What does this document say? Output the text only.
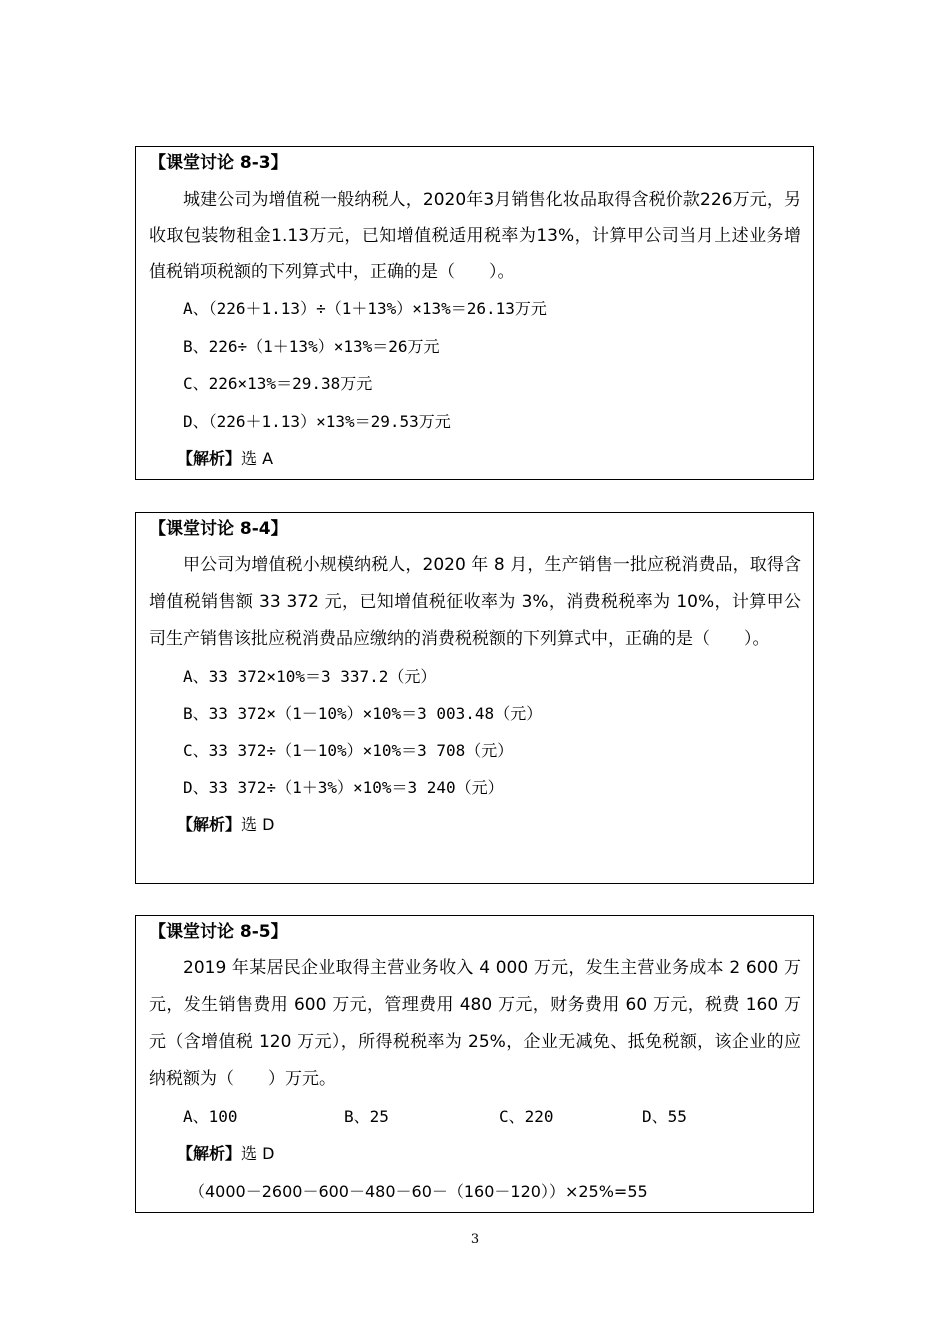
【课堂讨论 8-3】

城建公司为增值税一般纳税人，2020年3月销售化妆品取得含税价款226万元，另收取包装物租金1.13万元，已知增值税适用税率为13%，计算甲公司当月上述业务增值税销项税额的下列算式中，正确的是（　　）。

A、（226＋1.13）÷（1＋13%）×13%＝26.13万元
B、226÷（1＋13%）×13%＝26万元
C、226×13%＝29.38万元
D、（226＋1.13）×13%＝29.53万元
【解析】选 A
【课堂讨论 8-4】

甲公司为增值税小规模纳税人，2020 年 8 月，生产销售一批应税消费品，取得含增值税销售额 33 372 元，已知增值税征收率为 3%，消费税税率为 10%，计算甲公司生产销售该批应税消费品应缴纳的消费税税额的下列算式中，正确的是（　　）。

A、33 372×10%＝3 337.2（元）
B、33 372×（1－10%）×10%＝3 003.48（元）
C、33 372÷（1－10%）×10%＝3 708（元）
D、33 372÷（1＋3%）×10%＝3 240（元）
【解析】选 D
【课堂讨论 8-5】

2019 年某居民企业取得主营业务收入 4 000 万元，发生主营业务成本 2 600 万元，发生销售费用 600 万元，管理费用 480 万元，财务费用 60 万元，税费 160 万元（含增值税 120 万元），所得税税率为 25%，企业无减免、抵免税额，该企业的应纳税额为（　　）万元。

A、100	B、25	C、220	D、55
【解析】选 D
（4000－2600－600－480－60－（160－120））×25%=55
3
